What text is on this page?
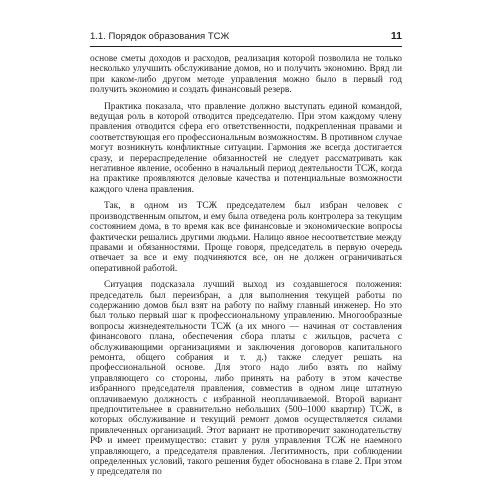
1.1. Порядок образования ТСЖ	11

основе сметы доходов и расходов, реализация которой позволила не только несколько улучшить обслуживание домов, но и получить экономию. Вряд ли при каком-либо другом методе управления можно было в первый год получить экономию и создать финансовый резерв.

Практика показала, что правление должно выступать единой командой, ведущая роль в которой отводится председателю. При этом каждому члену правления отводится сфера его ответственности, подкрепленная правами и соответствующая его профессиональным возможностям. В противном случае могут возникнуть конфликтные ситуации. Гармония же всегда достигается сразу, и перераспределение обязанностей не следует рассматривать как негативное явление, особенно в начальный период деятельности ТСЖ, когда на практике проявляются деловые качества и потенциальные возможности каждого члена правления.

Так, в одном из ТСЖ председателем был избран человек с производственным опытом, и ему была отведена роль контролера за текущим состоянием дома, в то время как все финансовые и экономические вопросы фактически решались другими людьми. Налицо явное несоответствие между правами и обязанностями. Проще говоря, председатель в первую очередь отвечает за все и ему подчиняются все, он не должен ограничиваться оперативной работой.

Ситуация подсказала лучший выход из создавшегося положения: председатель был переизбран, а для выполнения текущей работы по содержанию домов был взят на работу по найму главный инженер. Но это был только первый шаг к профессиональному управлению. Многообразные вопросы жизнедеятельности ТСЖ (а их много — начиная от составления финансового плана, обеспечения сбора платы с жильцов, расчета с обслуживающими организациями и заключения договоров капитального ремонта, общего собрания и т. д.) также следует решать на профессиональной основе. Для этого надо либо взять по найму управляющего со стороны, либо принять на работу в этом качестве избранного председателя правления, совместив в одном лице штатную оплачиваемую должность с избранной неоплачиваемой. Второй вариант предпочтительнее в сравнительно небольших (500–1000 квартир) ТСЖ, в которых обслуживание и текущий ремонт домов осуществляется силами привлеченных организаций. Этот вариант не противоречит законодательству РФ и имеет преимущество: ставит у руля управления ТСЖ не наемного управляющего, а председателя правления. Легитимность, при соблюдении определенных условий, такого решения будет обоснована в главе 2. При этом у председателя по
